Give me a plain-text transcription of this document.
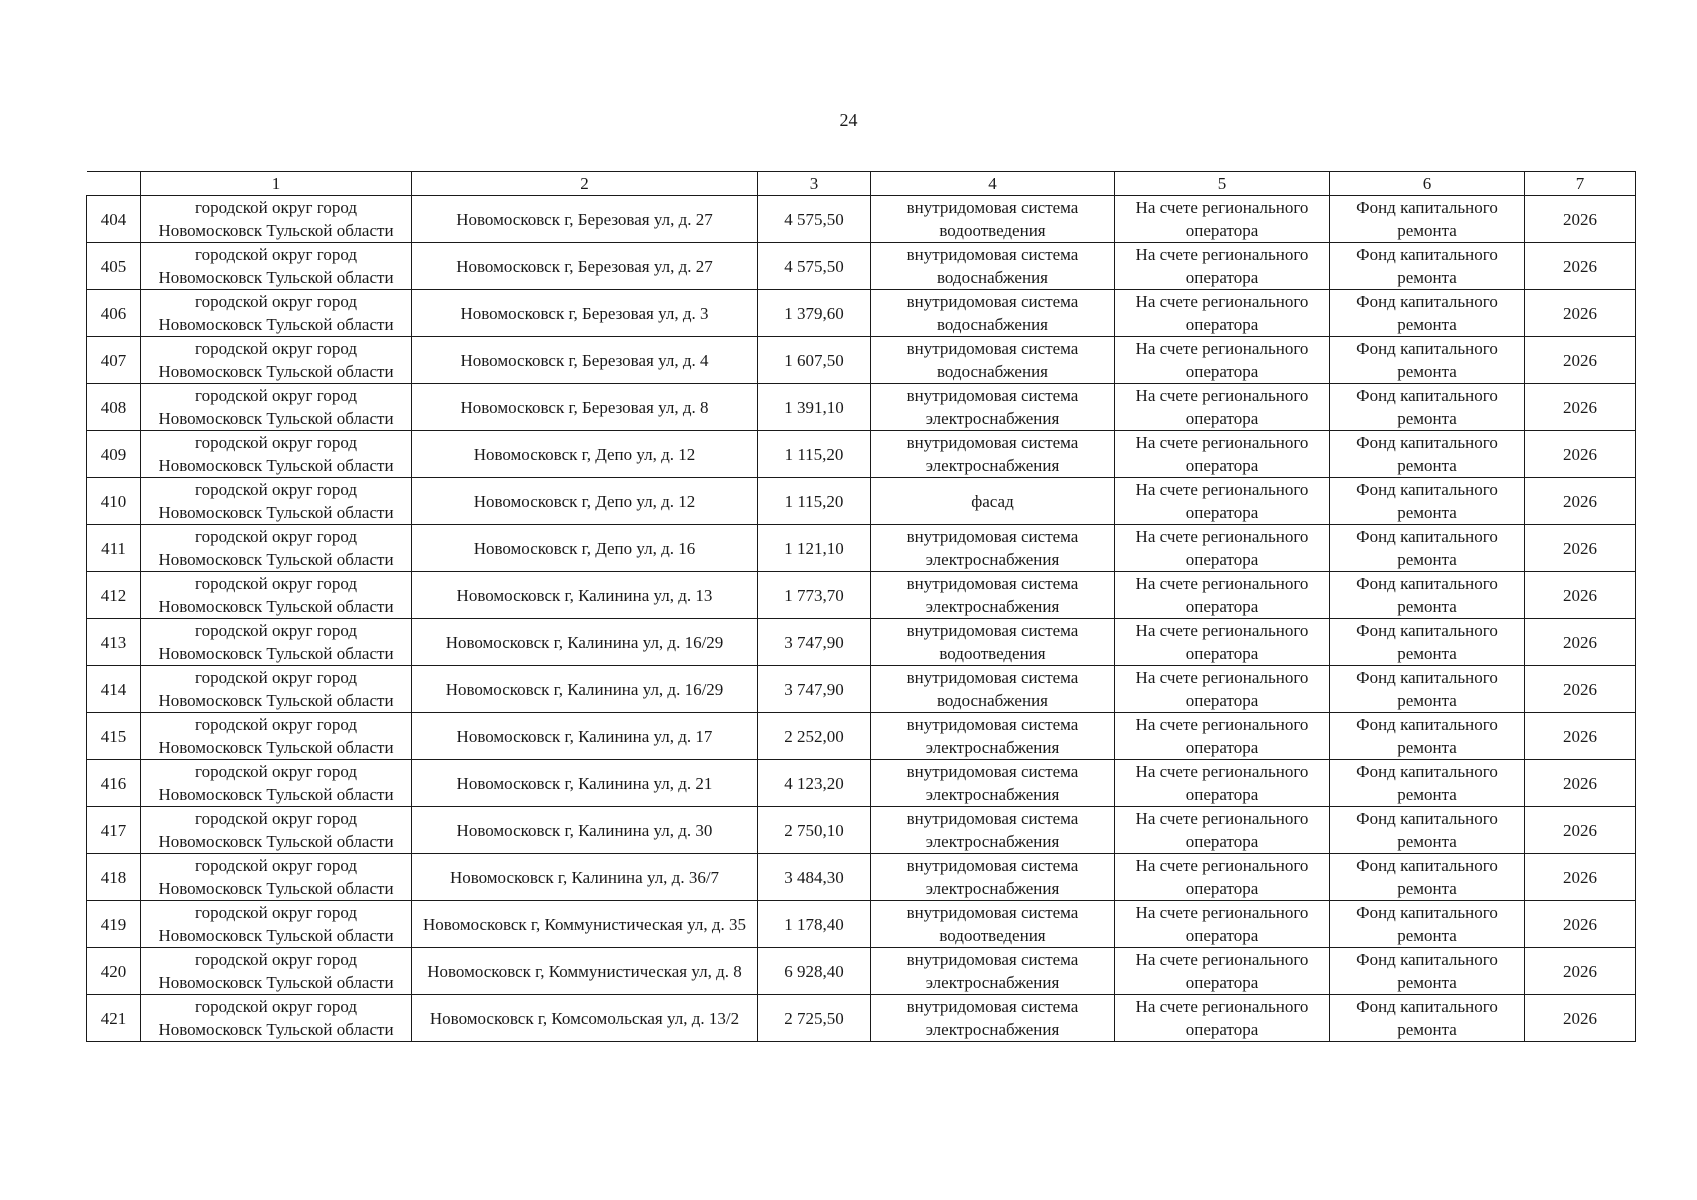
24
	1	2	3	4	5	6	7
404	городской округ город Новомосковск Тульской области	Новомосковск г, Березовая ул, д. 27	4 575,50	внутридомовая система водоотведения	На счете регионального оператора	Фонд капитального ремонта	2026
405	городской округ город Новомосковск Тульской области	Новомосковск г, Березовая ул, д. 27	4 575,50	внутридомовая система водоснабжения	На счете регионального оператора	Фонд капитального ремонта	2026
406	городской округ город Новомосковск Тульской области	Новомосковск г, Березовая ул, д. 3	1 379,60	внутридомовая система водоснабжения	На счете регионального оператора	Фонд капитального ремонта	2026
407	городской округ город Новомосковск Тульской области	Новомосковск г, Березовая ул, д. 4	1 607,50	внутридомовая система водоснабжения	На счете регионального оператора	Фонд капитального ремонта	2026
408	городской округ город Новомосковск Тульской области	Новомосковск г, Березовая ул, д. 8	1 391,10	внутридомовая система электроснабжения	На счете регионального оператора	Фонд капитального ремонта	2026
409	городской округ город Новомосковск Тульской области	Новомосковск г, Депо ул, д. 12	1 115,20	внутридомовая система электроснабжения	На счете регионального оператора	Фонд капитального ремонта	2026
410	городской округ город Новомосковск Тульской области	Новомосковск г, Депо ул, д. 12	1 115,20	фасад	На счете регионального оператора	Фонд капитального ремонта	2026
411	городской округ город Новомосковск Тульской области	Новомосковск г, Депо ул, д. 16	1 121,10	внутридомовая система электроснабжения	На счете регионального оператора	Фонд капитального ремонта	2026
412	городской округ город Новомосковск Тульской области	Новомосковск г, Калинина ул, д. 13	1 773,70	внутридомовая система электроснабжения	На счете регионального оператора	Фонд капитального ремонта	2026
413	городской округ город Новомосковск Тульской области	Новомосковск г, Калинина ул, д. 16/29	3 747,90	внутридомовая система водоотведения	На счете регионального оператора	Фонд капитального ремонта	2026
414	городской округ город Новомосковск Тульской области	Новомосковск г, Калинина ул, д. 16/29	3 747,90	внутридомовая система водоснабжения	На счете регионального оператора	Фонд капитального ремонта	2026
415	городской округ город Новомосковск Тульской области	Новомосковск г, Калинина ул, д. 17	2 252,00	внутридомовая система электроснабжения	На счете регионального оператора	Фонд капитального ремонта	2026
416	городской округ город Новомосковск Тульской области	Новомосковск г, Калинина ул, д. 21	4 123,20	внутридомовая система электроснабжения	На счете регионального оператора	Фонд капитального ремонта	2026
417	городской округ город Новомосковск Тульской области	Новомосковск г, Калинина ул, д. 30	2 750,10	внутридомовая система электроснабжения	На счете регионального оператора	Фонд капитального ремонта	2026
418	городской округ город Новомосковск Тульской области	Новомосковск г, Калинина ул, д. 36/7	3 484,30	внутридомовая система электроснабжения	На счете регионального оператора	Фонд капитального ремонта	2026
419	городской округ город Новомосковск Тульской области	Новомосковск г, Коммунистическая ул, д. 35	1 178,40	внутридомовая система водоотведения	На счете регионального оператора	Фонд капитального ремонта	2026
420	городской округ город Новомосковск Тульской области	Новомосковск г, Коммунистическая ул, д. 8	6 928,40	внутридомовая система электроснабжения	На счете регионального оператора	Фонд капитального ремонта	2026
421	городской округ город Новомосковск Тульской области	Новомосковск г, Комсомольская ул, д. 13/2	2 725,50	внутридомовая система электроснабжения	На счете регионального оператора	Фонд капитального ремонта	2026
